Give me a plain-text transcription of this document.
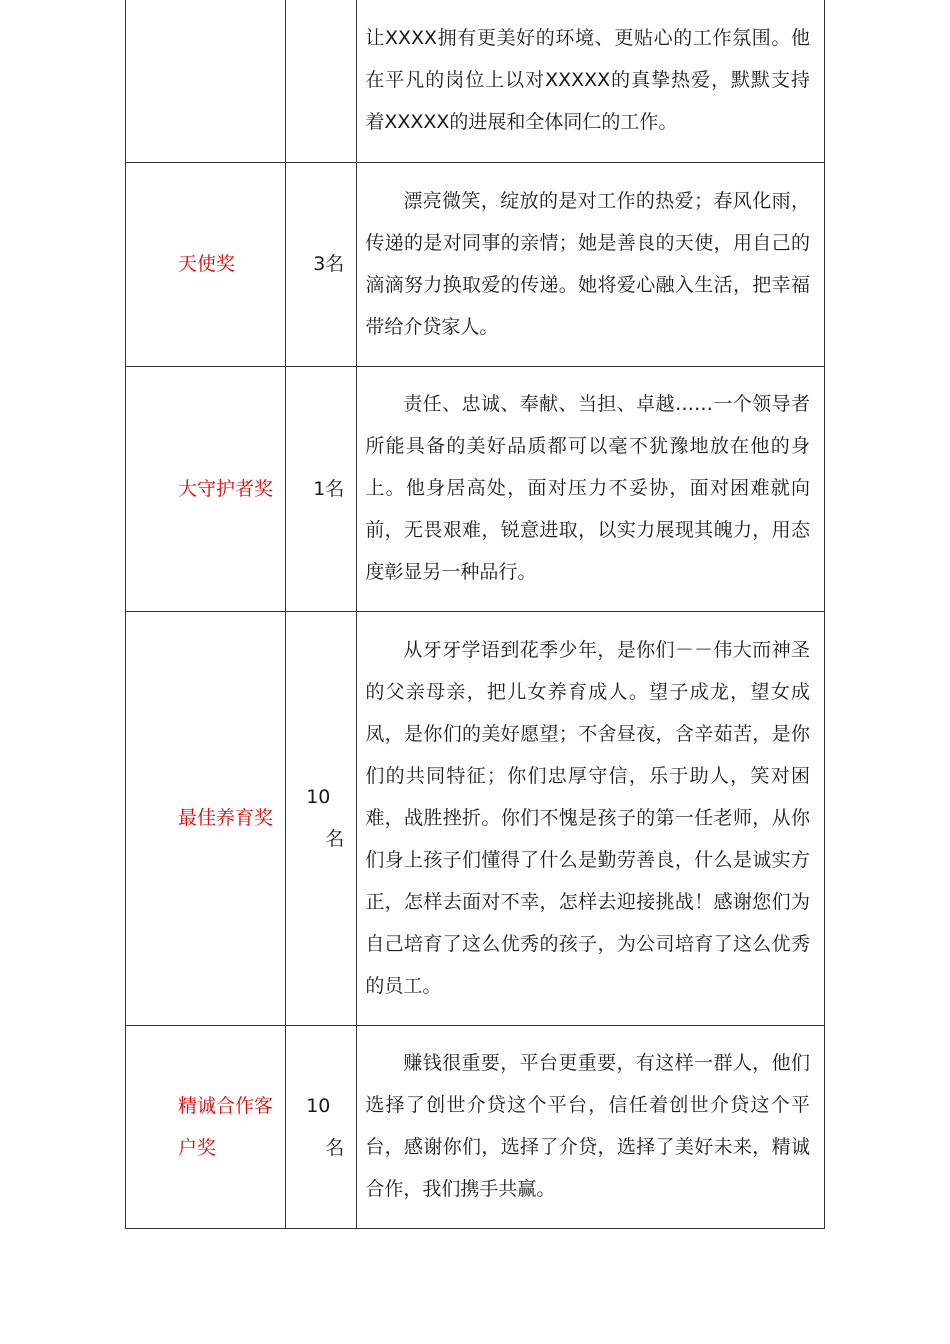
		让XXXX拥有更美好的环境、更贴心的工作氛围。他在平凡的岗位上以对XXXXX的真挚热爱，默默支持着XXXXX的进展和全体同仁的工作。

天使奖	3名	漂亮微笑，绽放的是对工作的热爱；春风化雨，传递的是对同事的亲情；她是善良的天使，用自己的滴滴努力换取爱的传递。她将爱心融入生活，把幸福带给介贷家人。

大守护者奖	1名	责任、忠诚、奉献、当担、卓越……一个领导者所能具备的美好品质都可以毫不犹豫地放在他的身上。他身居高处，面对压力不妥协，面对困难就向前，无畏艰难，锐意进取，以实力展现其魄力，用态度彰显另一种品行。

最佳养育奖	10名	从牙牙学语到花季少年，是你们－－伟大而神圣的父亲母亲，把儿女养育成人。望子成龙，望女成凤，是你们的美好愿望；不舍昼夜，含辛茹苦，是你们的共同特征；你们忠厚守信，乐于助人，笑对困难，战胜挫折。你们不愧是孩子的第一任老师，从你们身上孩子们懂得了什么是勤劳善良，什么是诚实方正，怎样去面对不幸，怎样去迎接挑战！感谢您们为自己培育了这么优秀的孩子，为公司培育了这么优秀的员工。

精诚合作客户奖	10名	赚钱很重要，平台更重要，有这样一群人，他们选择了创世介贷这个平台，信任着创世介贷这个平台，感谢你们，选择了介贷，选择了美好未来，精诚合作，我们携手共赢。
